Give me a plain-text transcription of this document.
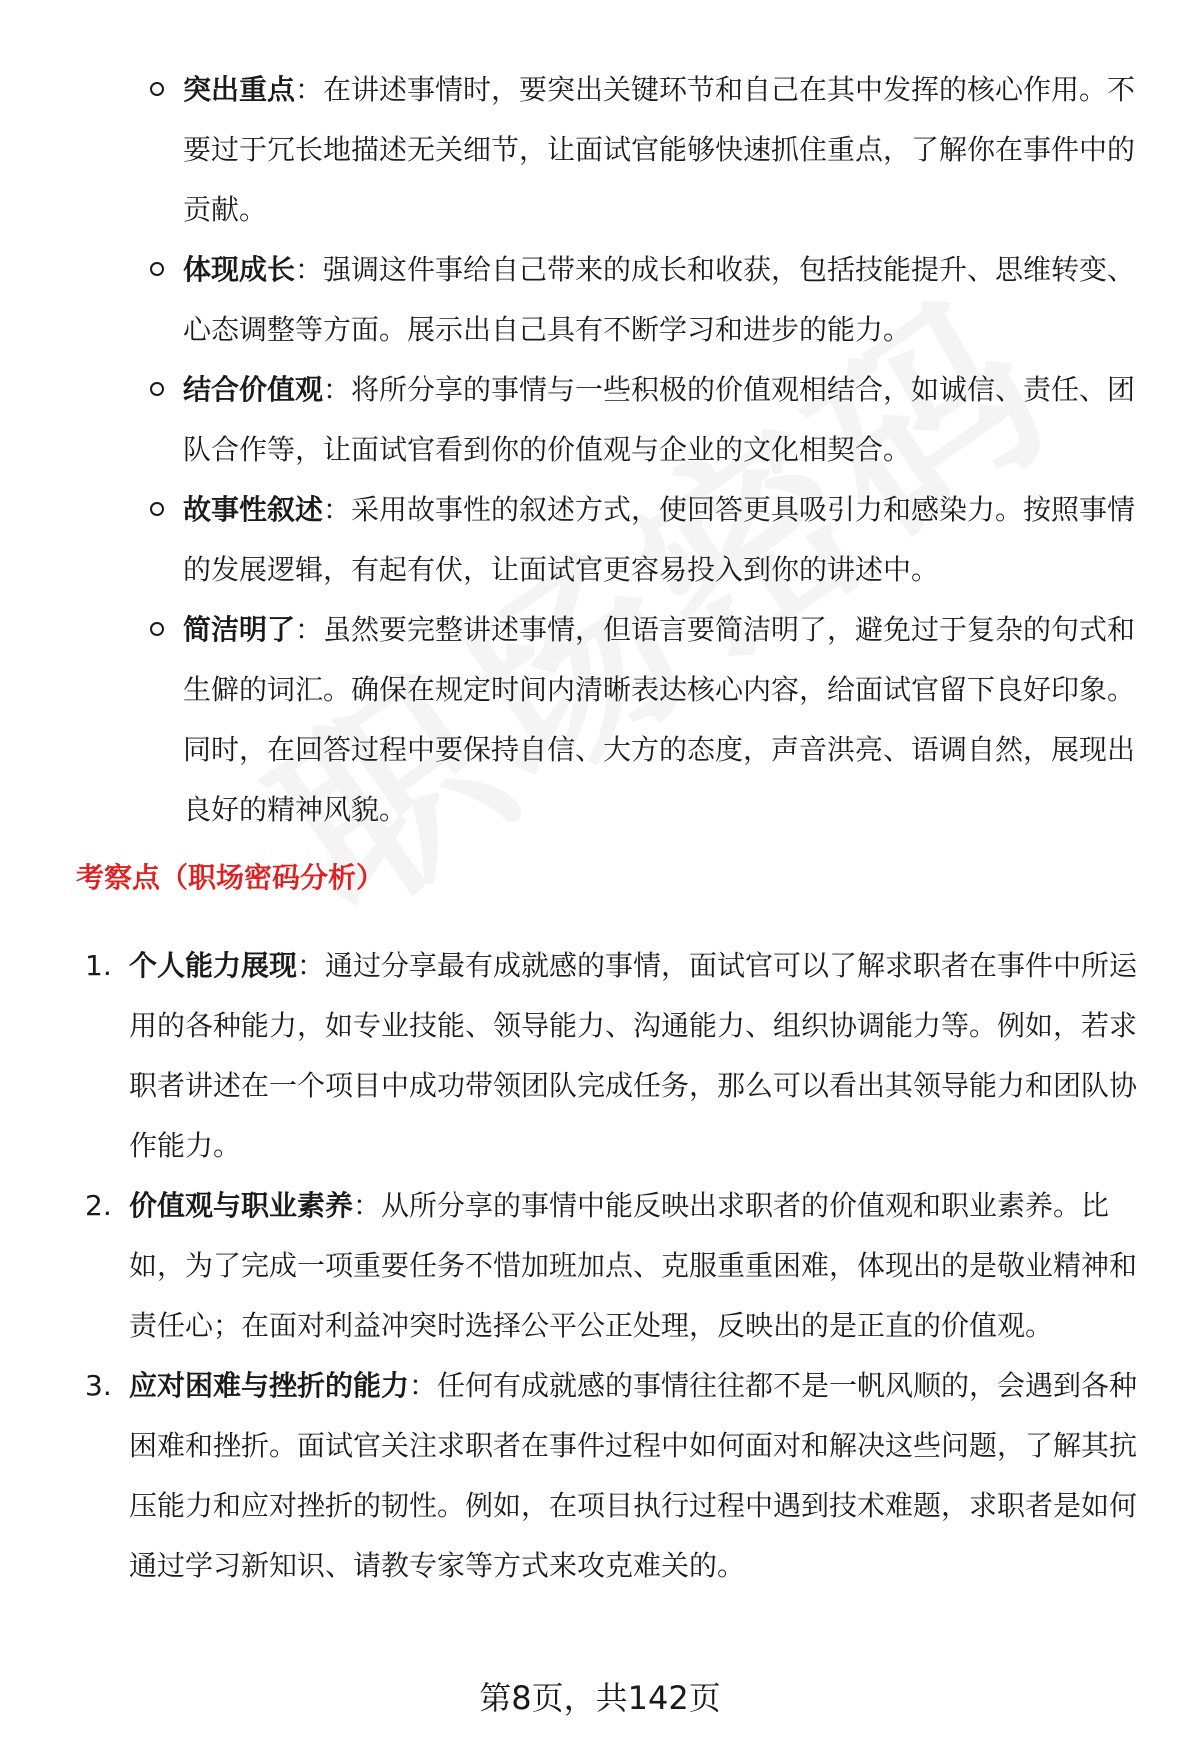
突出重点：在讲述事情时，要突出关键环节和自己在其中发挥的核心作用。不要过于冗长地描述无关细节，让面试官能够快速抓住重点，了解你在事件中的贡献。
体现成长：强调这件事给自己带来的成长和收获，包括技能提升、思维转变、心态调整等方面。展示出自己具有不断学习和进步的能力。
结合价值观：将所分享的事情与一些积极的价值观相结合，如诚信、责任、团队合作等，让面试官看到你的价值观与企业的文化相契合。
故事性叙述：采用故事性的叙述方式，使回答更具吸引力和感染力。按照事情的发展逻辑，有起有伏，让面试官更容易投入到你的讲述中。
简洁明了：虽然要完整讲述事情，但语言要简洁明了，避免过于复杂的句式和生僻的词汇。确保在规定时间内清晰表达核心内容，给面试官留下良好印象。同时，在回答过程中要保持自信、大方的态度，声音洪亮、语调自然，展现出良好的精神风貌。
考察点（职场密码分析）
1. 个人能力展现：通过分享最有成就感的事情，面试官可以了解求职者在事件中所运用的各种能力，如专业技能、领导能力、沟通能力、组织协调能力等。例如，若求职者讲述在一个项目中成功带领团队完成任务，那么可以看出其领导能力和团队协作能力。
2. 价值观与职业素养：从所分享的事情中能反映出求职者的价值观和职业素养。比如，为了完成一项重要任务不惜加班加点、克服重重困难，体现出的是敬业精神和责任心；在面对利益冲突时选择公平公正处理，反映出的是正直的价值观。
3. 应对困难与挫折的能力：任何有成就感的事情往往都不是一帆风顺的，会遇到各种困难和挫折。面试官关注求职者在事件过程中如何面对和解决这些问题，了解其抗压能力和应对挫折的韧性。例如，在项目执行过程中遇到技术难题，求职者是如何通过学习新知识、请教专家等方式来攻克难关的。
第8页，共142页
